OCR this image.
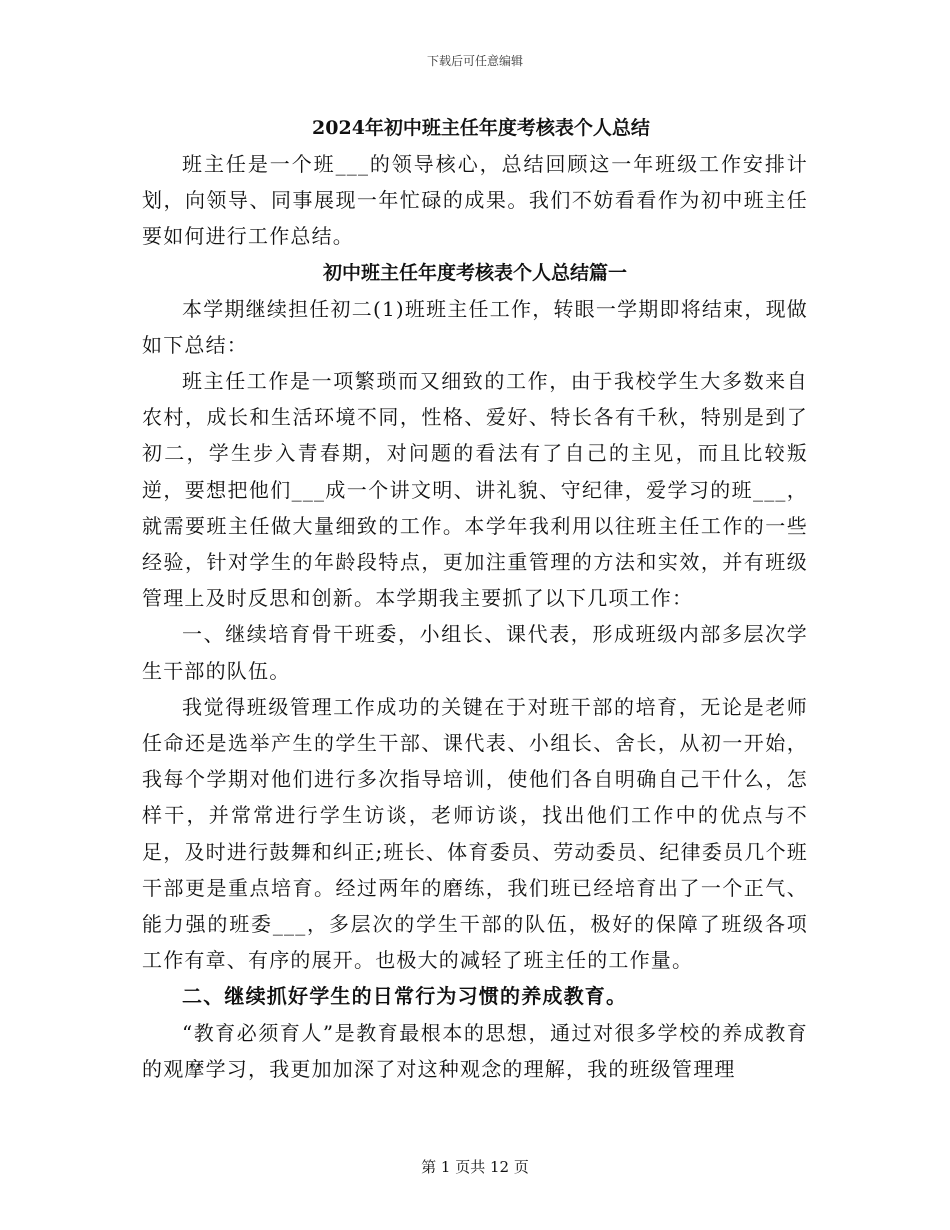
下载后可任意编辑

2024年初中班主任年度考核表个人总结

班主任是一个班___的领导核心，总结回顾这一年班级工作安排计划，向领导、同事展现一年忙碌的成果。我们不妨看看作为初中班主任要如何进行工作总结。

初中班主任年度考核表个人总结篇一

本学期继续担任初二(1)班班主任工作，转眼一学期即将结束，现做如下总结：

班主任工作是一项繁琐而又细致的工作，由于我校学生大多数来自农村，成长和生活环境不同，性格、爱好、特长各有千秋，特别是到了初二，学生步入青春期，对问题的看法有了自己的主见，而且比较叛逆，要想把他们___成一个讲文明、讲礼貌、守纪律，爱学习的班___，就需要班主任做大量细致的工作。本学年我利用以往班主任工作的一些经验，针对学生的年龄段特点，更加注重管理的方法和实效，并有班级管理上及时反思和创新。本学期我主要抓了以下几项工作：

一、继续培育骨干班委，小组长、课代表，形成班级内部多层次学生干部的队伍。

我觉得班级管理工作成功的关键在于对班干部的培育，无论是老师任命还是选举产生的学生干部、课代表、小组长、舍长，从初一开始，我每个学期对他们进行多次指导培训，使他们各自明确自己干什么，怎样干，并常常进行学生访谈，老师访谈，找出他们工作中的优点与不足，及时进行鼓舞和纠正;班长、体育委员、劳动委员、纪律委员几个班干部更是重点培育。经过两年的磨练，我们班已经培育出了一个正气、能力强的班委___，多层次的学生干部的队伍，极好的保障了班级各项工作有章、有序的展开。也极大的减轻了班主任的工作量。

二、继续抓好学生的日常行为习惯的养成教育。

“教育必须育人”是教育最根本的思想，通过对很多学校的养成教育的观摩学习，我更加加深了对这种观念的理解，我的班级管理理

第 1 页共 12 页
